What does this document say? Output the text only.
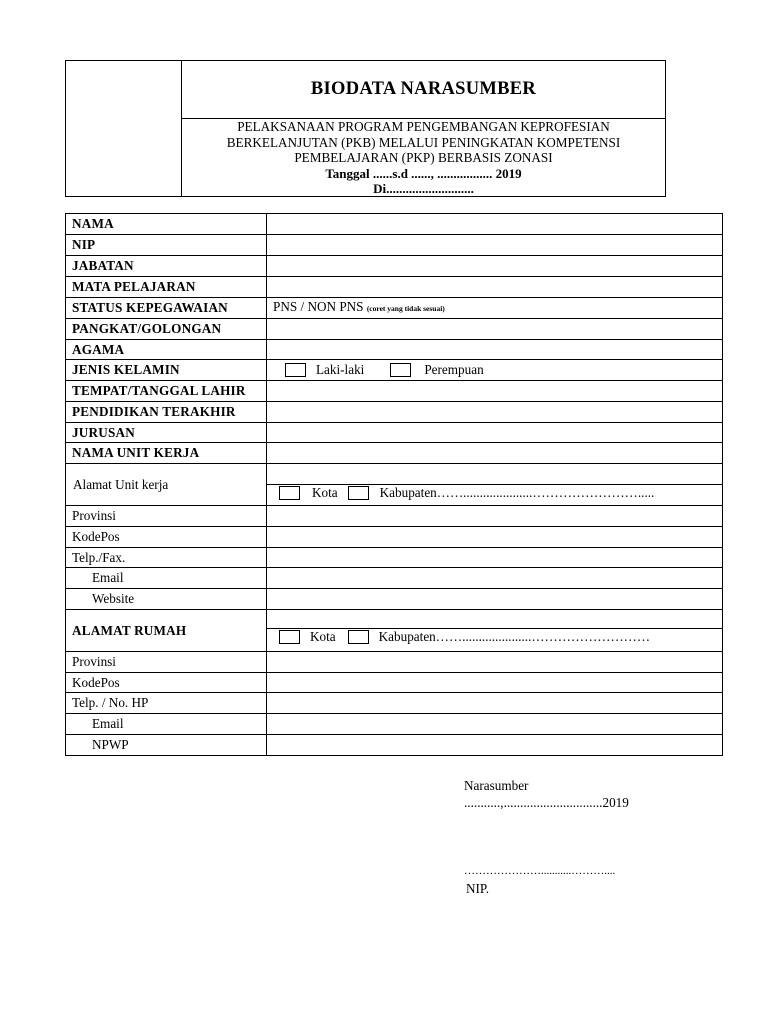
BIODATA NARASUMBER
PELAKSANAAN PROGRAM PENGEMBANGAN KEPROFESIAN
BERKELANJUTAN (PKB) MELALUI PENINGKATAN KOMPETENSI
PEMBELAJARAN (PKP) BERBASIS ZONASI
Tanggal ......s.d ......, ................. 2019
Di...........................
NAMA	
NIP	
JABATAN	
MATA PELAJARAN	
STATUS KEPEGAWAIAN	PNS / NON PNS (coret yang tidak sesuai)
PANGKAT/GOLONGAN	
AGAMA	
JENIS KELAMIN	Laki-laki Perempuan
TEMPAT/TANGGAL LAHIR	
PENDIDIKAN TERAKHIR	
JURUSAN	
NAMA UNIT KERJA	
Alamat Unit kerja	Kota Kabupaten…….....................…………………….....

Provinsi	
KodePos	
Telp./Fax.	
Email	
Website	
ALAMAT RUMAH	Kota Kabupaten…….....................………………………

Provinsi	
KodePos	
Telp. / No. HP	
Email	
NPWP	
Narasumber
...........,..............................2019
…………………...........………....
NIP.
